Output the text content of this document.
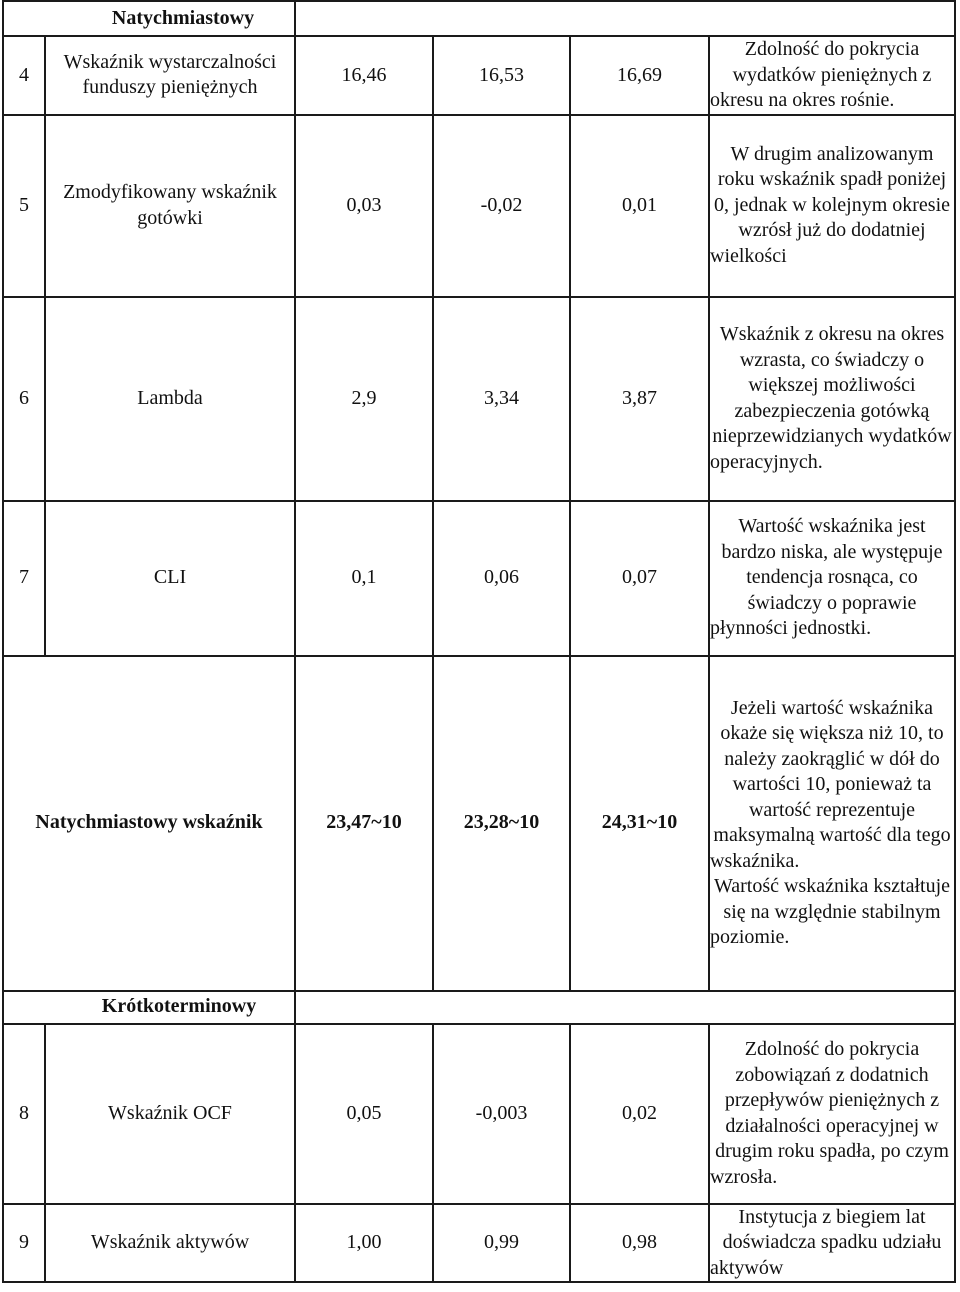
Natychmiastowy					
4	Wskaźnik wystarczalności funduszy pieniężnych	16,46	16,53	16,69	Zdolność do pokrycia wydatków pieniężnych z okresu na okres rośnie.

5	Zmodyfikowany wskaźnik gotówki	0,03	-0,02	0,01	W drugim analizowanym roku wskaźnik spadł poniżej 0, jednak w kolejnym okresie wzrósł już do dodatniej wielkości

6	Lambda	2,9	3,34	3,87	Wskaźnik z okresu na okres wzrasta, co świadczy o większej możliwości zabezpieczenia gotówką nieprzewidzianych wydatków operacyjnych.

7	CLI	0,1	0,06	0,07	Wartość wskaźnika jest bardzo niska, ale występuje tendencja rosnąca, co świadczy o poprawie płynności jednostki.

Natychmiastowy wskaźnik		23,47~10	23,28~10	24,31~10	Jeżeli wartość wskaźnika okaże się większa niż 10, to należy zaokrąglić w dół do wartości 10, ponieważ ta wartość reprezentuje maksymalną wartość dla tego wskaźnika.
Wartość wskaźnika kształtuje się na względnie stabilnym poziomie.

Krótkoterminowy					
8	Wskaźnik OCF	0,05	-0,003	0,02	Zdolność do pokrycia zobowiązań z dodatnich przepływów pieniężnych z działalności operacyjnej w drugim roku spadła, po czym wzrosła.

9	Wskaźnik aktywów	1,00	0,99	0,98	Instytucja z biegiem lat doświadcza spadku udziału aktywów
